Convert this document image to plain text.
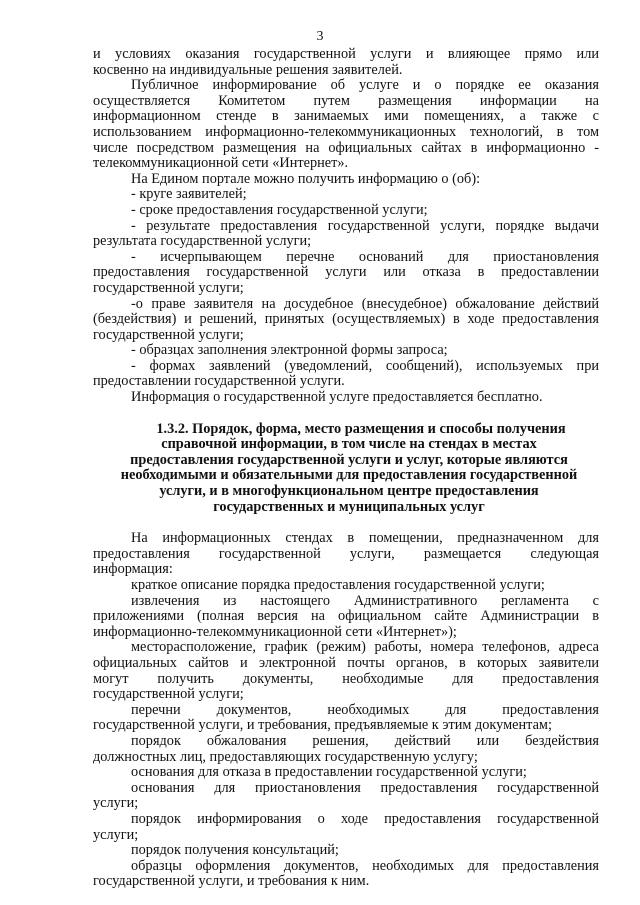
3
и условиях оказания государственной услуги и влияющее прямо или
косвенно на индивидуальные решения заявителей.
Публичное информирование об услуге и о порядке ее оказания
осуществляется Комитетом путем размещения информации на
информационном стенде в занимаемых ими помещениях, а также с
использованием информационно-телекоммуникационных технологий, в том
числе посредством размещения на официальных сайтах в информационно -
телекоммуникационной сети «Интернет».
На Едином портале можно получить информацию о (об):
- круге заявителей;
- сроке предоставления государственной услуги;
- результате предоставления государственной услуги, порядке выдачи
результата государственной услуги;
- исчерпывающем перечне оснований для приостановления
предоставления государственной услуги или отказа в предоставлении
государственной услуги;
-о праве заявителя на досудебное (внесудебное) обжалование действий
(бездействия) и решений, принятых (осуществляемых) в ходе предоставления
государственной услуги;
- образцах заполнения электронной формы запроса;
- формах заявлений (уведомлений, сообщений), используемых при
предоставлении государственной услуги.
Информация о государственной услуге предоставляется бесплатно.
1.3.2. Порядок, форма, место размещения и способы получения
справочной информации, в том числе на стендах в местах
предоставления государственной услуги и услуг, которые являются
необходимыми и обязательными для предоставления государственной
услуги, и в многофункциональном центре предоставления
государственных и муниципальных услуг
На информационных стендах в помещении, предназначенном для
предоставления государственной услуги, размещается следующая
информация:
краткое описание порядка предоставления государственной услуги;
извлечения из настоящего Административного регламента с
приложениями (полная версия на официальном сайте Администрации в
информационно-телекоммуникационной сети «Интернет»);
месторасположение, график (режим) работы, номера телефонов, адреса
официальных сайтов и электронной почты органов, в которых заявители
могут получить документы, необходимые для предоставления
государственной услуги;
перечни документов, необходимых для предоставления
государственной услуги, и требования, предъявляемые к этим документам;
порядок обжалования решения, действий или бездействия
должностных лиц, предоставляющих государственную услугу;
основания для отказа в предоставлении государственной услуги;
основания для приостановления предоставления государственной
услуги;
порядок информирования о ходе предоставления государственной
услуги;
порядок получения консультаций;
образцы оформления документов, необходимых для предоставления
государственной услуги, и требования к ним.
